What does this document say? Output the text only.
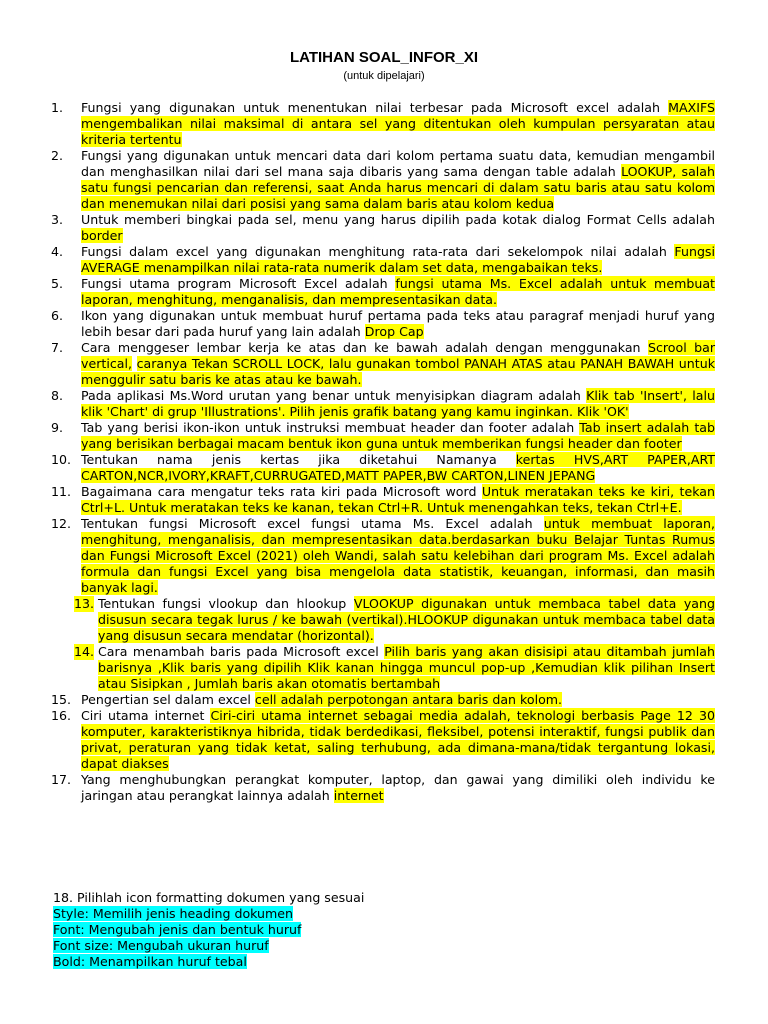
LATIHAN SOAL_INFOR_XI
(untuk dipelajari)
1. Fungsi yang digunakan untuk menentukan nilai terbesar pada Microsoft excel adalah MAXIFS mengembalikan nilai maksimal di antara sel yang ditentukan oleh kumpulan persyaratan atau kriteria tertentu
2. Fungsi yang digunakan untuk mencari data dari kolom pertama suatu data, kemudian mengambil dan menghasilkan nilai dari sel mana saja dibaris yang sama dengan table adalah LOOKUP, salah satu fungsi pencarian dan referensi, saat Anda harus mencari di dalam satu baris atau satu kolom dan menemukan nilai dari posisi yang sama dalam baris atau kolom kedua
3. Untuk memberi bingkai pada sel, menu yang harus dipilih pada kotak dialog Format Cells adalah border
4. Fungsi dalam excel yang digunakan menghitung rata-rata dari sekelompok nilai adalah Fungsi AVERAGE menampilkan nilai rata-rata numerik dalam set data, mengabaikan teks.
5. Fungsi utama program Microsoft Excel adalah fungsi utama Ms. Excel adalah untuk membuat laporan, menghitung, menganalisis, dan mempresentasikan data.
6. Ikon yang digunakan untuk membuat huruf pertama pada teks atau paragraf menjadi huruf yang lebih besar dari pada huruf yang lain adalah Drop Cap
7. Cara menggeser lembar kerja ke atas dan ke bawah adalah dengan menggunakan Scrool bar vertical, caranya Tekan SCROLL LOCK, lalu gunakan tombol PANAH ATAS atau PANAH BAWAH untuk menggulir satu baris ke atas atau ke bawah.
8. Pada aplikasi Ms.Word urutan yang benar untuk menyisipkan diagram adalah Klik tab 'Insert', lalu klik 'Chart' di grup 'Illustrations'. Pilih jenis grafik batang yang kamu inginkan. Klik 'OK'
9. Tab yang berisi ikon-ikon untuk instruksi membuat header dan footer adalah Tab insert adalah tab yang berisikan berbagai macam bentuk ikon guna untuk memberikan fungsi header dan footer
10. Tentukan nama jenis kertas jika diketahui Namanya kertas HVS,ART PAPER,ART CARTON,NCR,IVORY,KRAFT,CURRUGATED,MATT PAPER,BW CARTON,LINEN JEPANG
11. Bagaimana cara mengatur teks rata kiri pada Microsoft word Untuk meratakan teks ke kiri, tekan Ctrl+L. Untuk meratakan teks ke kanan, tekan Ctrl+R. Untuk menengahkan teks, tekan Ctrl+E.
12. Tentukan fungsi Microsoft excel fungsi utama Ms. Excel adalah untuk membuat laporan, menghitung, menganalisis, dan mempresentasikan data.berdasarkan buku Belajar Tuntas Rumus dan Fungsi Microsoft Excel (2021) oleh Wandi, salah satu kelebihan dari program Ms. Excel adalah formula dan fungsi Excel yang bisa mengelola data statistik, keuangan, informasi, dan masih banyak lagi.
13. Tentukan fungsi vlookup dan hlookup VLOOKUP digunakan untuk membaca tabel data yang disusun secara tegak lurus / ke bawah (vertikal).HLOOKUP digunakan untuk membaca tabel data yang disusun secara mendatar (horizontal).
14. Cara menambah baris pada Microsoft excel Pilih baris yang akan disisipi atau ditambah jumlah barisnya ,Klik baris yang dipilih Klik kanan hingga muncul pop-up ,Kemudian klik pilihan Insert atau Sisipkan , Jumlah baris akan otomatis bertambah
15. Pengertian sel dalam excel cell adalah perpotongan antara baris dan kolom.
16. Ciri utama internet Ciri-ciri utama internet sebagai media adalah, teknologi berbasis Page 12 30 komputer, karakteristiknya hibrida, tidak berdedikasi, fleksibel, potensi interaktif, fungsi publik dan privat, peraturan yang tidak ketat, saling terhubung, ada dimana-mana/tidak tergantung lokasi, dapat diakses
17. Yang menghubungkan perangkat komputer, laptop, dan gawai yang dimiliki oleh individu ke jaringan atau perangkat lainnya adalah internet
18. Pilihlah icon formatting dokumen yang sesuai
Style: Memilih jenis heading dokumen
Font: Mengubah jenis dan bentuk huruf
Font size: Mengubah ukuran huruf
Bold: Menampilkan huruf tebal
